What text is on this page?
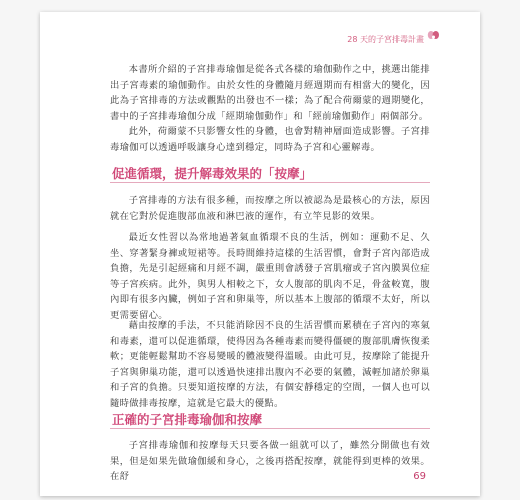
28 天的子宮排毒計畫

本書所介紹的子宮排毒瑜伽是從各式各樣的瑜伽動作之中，挑選出能排出子宮毒素的瑜伽動作。由於女性的身體隨月經週期而有相當大的變化，因此為子宮排毒的方法或觀點的出發也不一樣；為了配合荷爾蒙的週期變化，書中的子宮排毒瑜伽分成「經期瑜伽動作」和「經前瑜伽動作」兩個部分。

此外，荷爾蒙不只影響女性的身體，也會對精神層面造成影響。子宮排毒瑜伽可以透過呼吸讓身心達到穩定，同時為子宮和心靈解毒。

促進循環，提升解毒效果的「按摩」

子宮排毒的方法有很多種，而按摩之所以被認為是最核心的方法，原因就在它對於促進腹部血液和淋巴液的運作，有立竿見影的效果。

最近女性習以為常地過著氣血循環不良的生活，例如：運動不足、久坐、穿著緊身褲或短裙等。長時間維持這樣的生活習慣，會對子宮內部造成負擔，先是引起經痛和月經不調，嚴重則會誘發子宮肌瘤或子宮內膜異位症等子宮疾病。此外，與男人相較之下，女人腹部的肌肉不足，骨盆較寬，腹內即有很多內臟，例如子宮和卵巢等，所以基本上腹部的循環不太好，所以更需要留心。

藉由按摩的手法，不只能消除因不良的生活習慣而累積在子宮內的寒氣和毒素，還可以促進循環，使得因為各種毒素而變得僵硬的腹部肌膚恢復柔軟；更能輕鬆幫助不容易變暖的體液變得溫暖。由此可見，按摩除了能提升子宮與卵巢功能，還可以透過快速排出腹內不必要的氣體，減輕加諸於卵巢和子宮的負擔。只要知道按摩的方法，有個安靜穩定的空間，一個人也可以隨時做排毒按摩，這就是它最大的優點。

正確的子宮排毒瑜伽和按摩

子宮排毒瑜伽和按摩每天只要各做一組就可以了，雖然分開做也有效果，但是如果先做瑜伽緩和身心，之後再搭配按摩，就能得到更棒的效果。在舒	69
